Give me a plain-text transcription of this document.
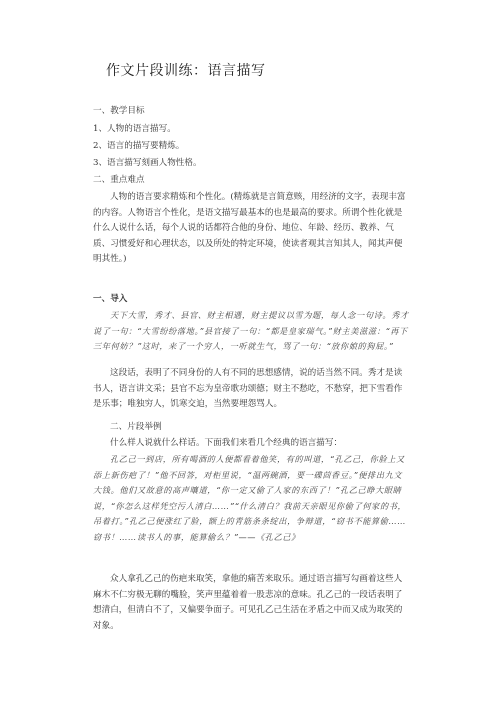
作文片段训练：语言描写
一、教学目标
1、人物的语言描写。
2、语言的描写要精炼。
3、语言描写刻画人物性格。
二、重点难点
人物的语言要求精炼和个性化。(精炼就是言简意赅，用经济的文字，表现丰富的内容。人物语言个性化，是语文描写最基本的也是最高的要求。所谓个性化就是什么人说什么话，每个人说的话都符合他的身份、地位、年龄、经历、教养、气质、习惯爱好和心理状态，以及所处的特定环境，使读者观其言知其人，闻其声便明其性。)
一、导入
天下大雪，秀才、县官、财主相遇，财主提议以雪为题，每人念一句诗。秀才说了一句：“大雪纷纷落地。”县官接了一句：“都是皇家瑞气。”财主美滋滋：“再下三年何妨？”这时，来了一个穷人，一听就生气，骂了一句：“放你娘的狗屁。”
这段话，表明了不同身份的人有不同的思想感情，说的话当然不同。秀才是读书人，语言讲文采；县官不忘为皇帝歌功颂德；财主不愁吃，不愁穿，把下雪看作是乐事；唯独穷人，饥寒交迫，当然要埋怨骂人。
二、片段举例
什么样人说就什么样话。下面我们来看几个经典的语言描写：
孔乙己一到店，所有喝酒的人便都看着他笑，有的叫道，“孔乙己，你脸上又添上新伤疤了！”他不回答，对柜里说，“温两碗酒，要一碟茴香豆。”便排出九文大钱。他们又故意的高声嚷道，“你一定又偷了人家的东西了！”孔乙己睁大眼睛说，“你怎么这样凭空污人清白……”“什么清白？我前天亲眼见你偷了何家的书，吊着打。”孔乙己便涨红了脸，额上的青筋条条绽出，争辩道，“窃书不能算偷……窃书！……读书人的事，能算偷么？”——《孔乙己》
众人拿孔乙己的伤疤来取笑，拿他的痛苦来取乐。通过语言描写勾画着这些人麻木不仁穷极无聊的嘴脸，笑声里蕴着着一股悲凉的意味。孔乙己的一段话表明了想清白，但清白不了，又偏要争面子。可见孔乙己生活在矛盾之中而又成为取笑的对象。
